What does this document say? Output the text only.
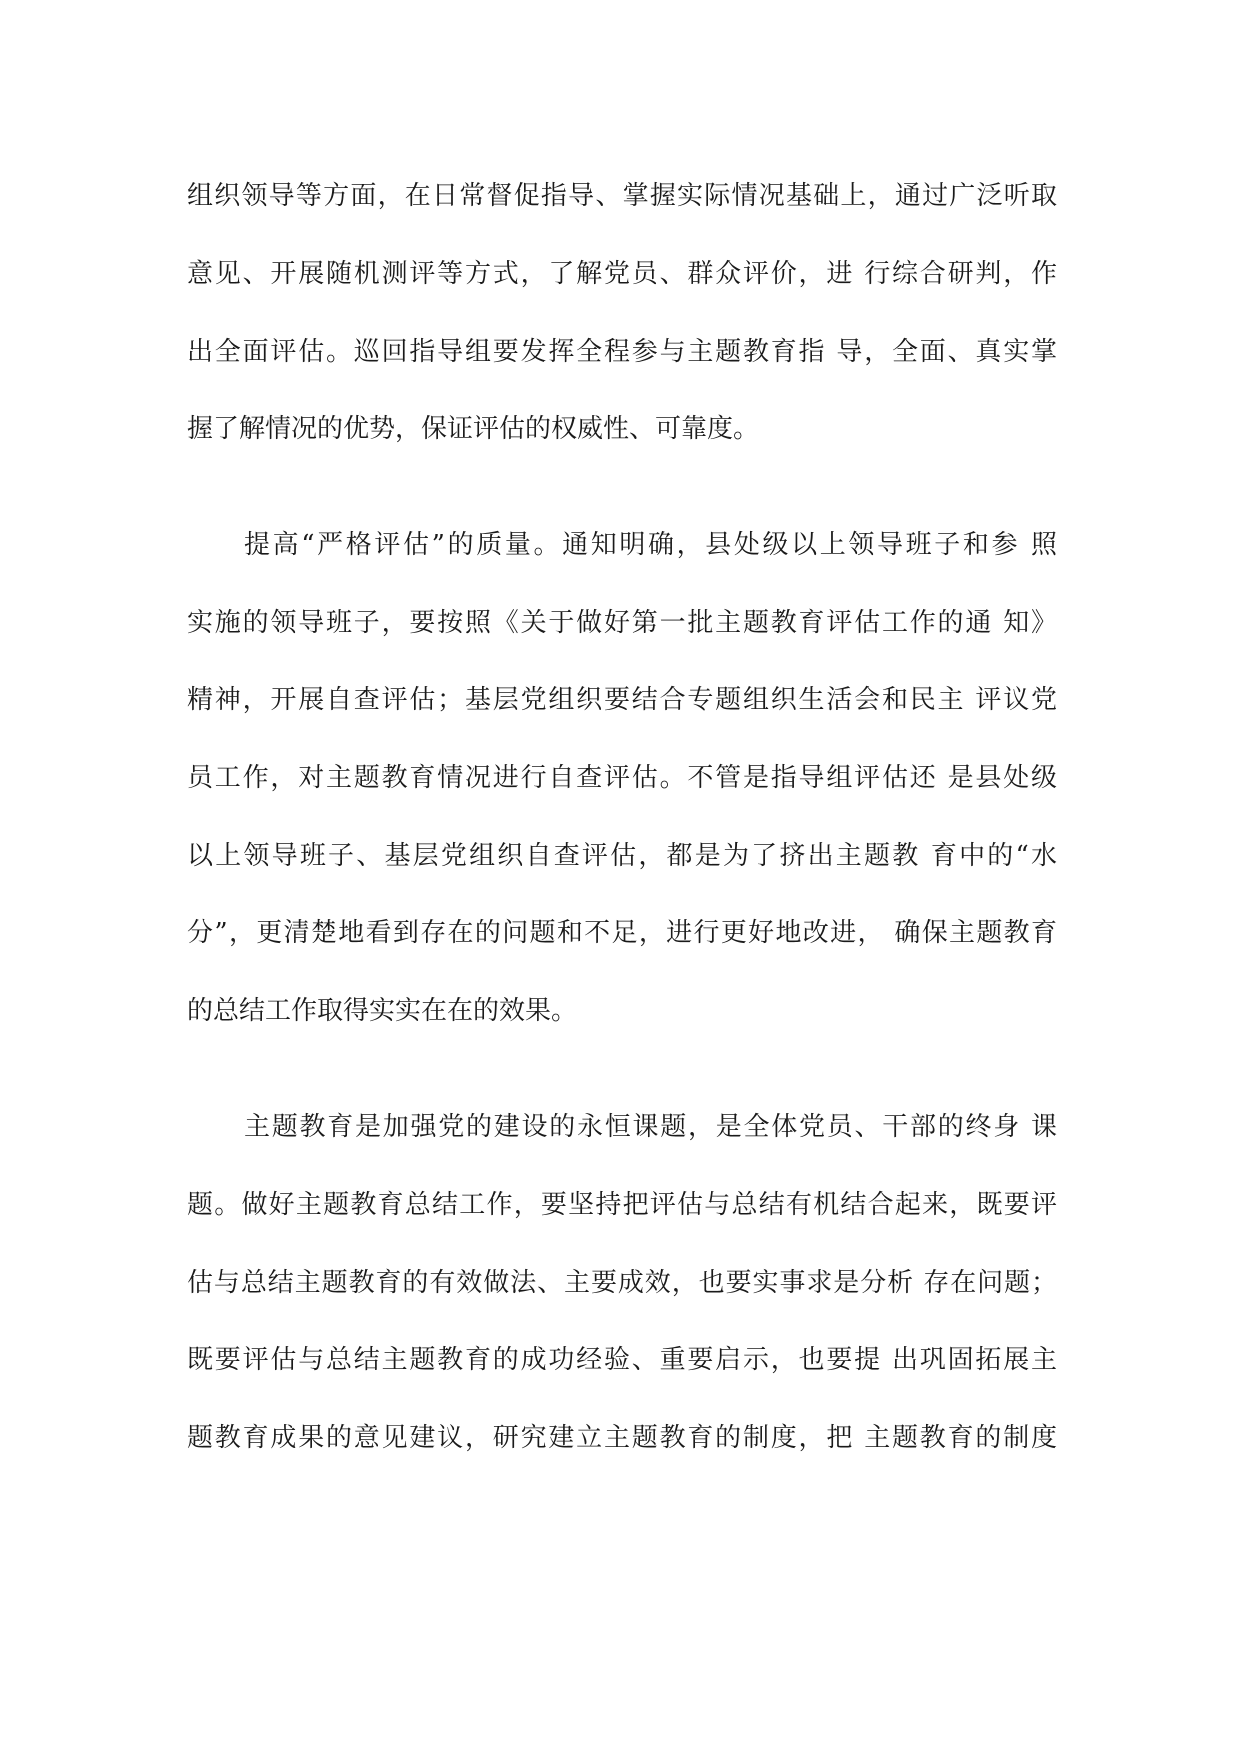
组织领导等方面，在日常督促指导、掌握实际情况基础上，通过广泛听取
意见、开展随机测评等方式，了解党员、群众评价，进 行综合研判，作
出全面评估。巡回指导组要发挥全程参与主题教育指 导，全面、真实掌
握了解情况的优势，保证评估的权威性、可靠度。
提高“严格评估”的质量。通知明确，县处级以上领导班子和参 照
实施的领导班子，要按照《关于做好第一批主题教育评估工作的通 知》
精神，开展自查评估；基层党组织要结合专题组织生活会和民主 评议党
员工作，对主题教育情况进行自查评估。不管是指导组评估还 是县处级
以上领导班子、基层党组织自查评估，都是为了挤出主题教 育中的“水
分”，更清楚地看到存在的问题和不足，进行更好地改进， 确保主题教育
的总结工作取得实实在在的效果。
主题教育是加强党的建设的永恒课题，是全体党员、干部的终身 课
题。做好主题教育总结工作，要坚持把评估与总结有机结合起来，既要评
估与总结主题教育的有效做法、主要成效，也要实事求是分析 存在问题；
既要评估与总结主题教育的成功经验、重要启示，也要提 出巩固拓展主
题教育成果的意见建议，研究建立主题教育的制度，把 主题教育的制度
